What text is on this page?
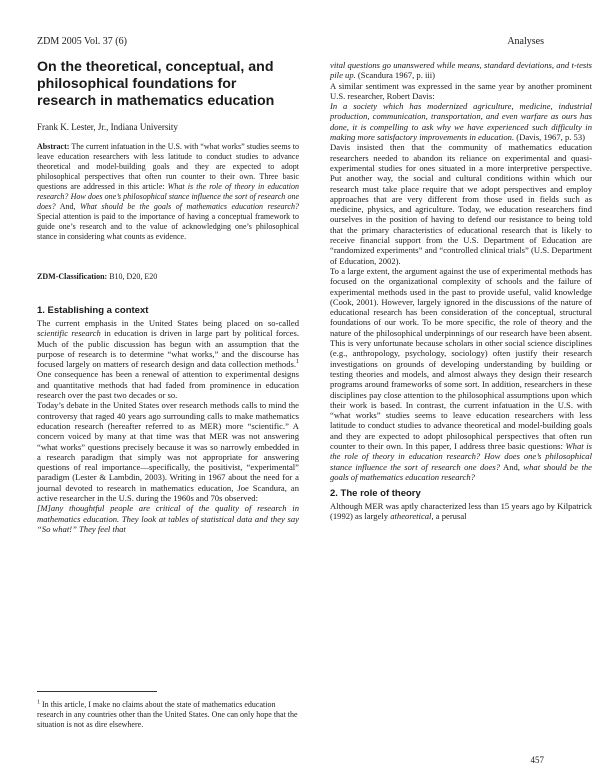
ZDM 2005 Vol. 37 (6)	Analyses
On the theoretical, conceptual, and philosophical foundations for research in mathematics education

Frank K. Lester, Jr., Indiana University

Abstract: The current infatuation in the U.S. with “what works” studies seems to leave education researchers with less latitude to conduct studies to advance theoretical and model-building goals and they are expected to adopt philosophical perspectives that often run counter to their own. Three basic questions are addressed in this article: What is the role of theory in education research? How does one’s philosophical stance influence the sort of research one does? And, What should be the goals of mathematics education research? Special attention is paid to the importance of having a conceptual framework to guide one’s research and to the value of acknowledging one’s philosophical stance in considering what counts as evidence.

ZDM-Classification: B10, D20, E20

1. Establishing a context

The current emphasis in the United States being placed on so-called scientific research in education is driven in large part by political forces. Much of the public discussion has begun with an assumption that the purpose of research is to determine “what works,” and the discourse has focused largely on matters of research design and data collection methods.$^1$ One consequence has been a renewal of attention to experimental designs and quantitative methods that had faded from prominence in education research over the past two decades or so.

Today’s debate in the United States over research methods calls to mind the controversy that raged 40 years ago surrounding calls to make mathematics education research (hereafter referred to as MER) more “scientific.” A concern voiced by many at that time was that MER was not answering “what works” questions precisely because it was so narrowly embedded in a research paradigm that simply was not appropriate for answering questions of real importance—specifically, the positivist, “experimental” paradigm (Lester & Lambdin, 2003). Writing in 1967 about the need for a journal devoted to research in mathematics education, Joe Scandura, an active researcher in the U.S. during the 1960s and 70s observed:

[M]any thoughtful people are critical of the quality of research in mathematics education. They look at tables of statistical data and they say “So what!” They feel that

$^1$ In this article, I make no claims about the state of mathematics education research in any countries other than the United States. One can only hope that the situation is not as dire elsewhere.

vital questions go unanswered while means, standard deviations, and t-tests pile up. (Scandura 1967, p. iii)

A similar sentiment was expressed in the same year by another prominent U.S. researcher, Robert Davis:

In a society which has modernized agriculture, medicine, industrial production, communication, transportation, and even warfare as ours has done, it is compelling to ask why we have experienced such difficulty in making more satisfactory improvements in education. (Davis, 1967, p. 53)

Davis insisted then that the community of mathematics education researchers needed to abandon its reliance on experimental and quasi-experimental studies for ones situated in a more interpretive perspective. Put another way, the social and cultural conditions within which our research must take place require that we adopt perspectives and employ approaches that are very different from those used in fields such as medicine, physics, and agriculture. Today, we education researchers find ourselves in the position of having to defend our resistance to being told that the primary characteristics of educational research that is likely to receive financial support from the U.S. Department of Education are “randomized experiments” and “controlled clinical trials” (U.S. Department of Education, 2002).

To a large extent, the argument against the use of experimental methods has focused on the organizational complexity of schools and the failure of experimental methods used in the past to provide useful, valid knowledge (Cook, 2001). However, largely ignored in the discussions of the nature of educational research has been consideration of the conceptual, structural foundations of our work. To be more specific, the role of theory and the nature of the philosophical underpinnings of our research have been absent. This is very unfortunate because scholars in other social science disciplines (e.g., anthropology, psychology, sociology) often justify their research investigations on grounds of developing understanding by building or testing theories and models, and almost always they design their research programs around frameworks of some sort. In addition, researchers in these disciplines pay close attention to the philosophical assumptions upon which their work is based. In contrast, the current infatuation in the U.S. with “what works” studies seems to leave education researchers with less latitude to conduct studies to advance theoretical and model-building goals and they are expected to adopt philosophical perspectives that often run counter to their own. In this paper, I address three basic questions: What is the role of theory in education research? How does one’s philosophical stance influence the sort of research one does? And, what should be the goals of mathematics education research?

2. The role of theory

Although MER was aptly characterized less than 15 years ago by Kilpatrick (1992) as largely atheoretical, a perusal

457
